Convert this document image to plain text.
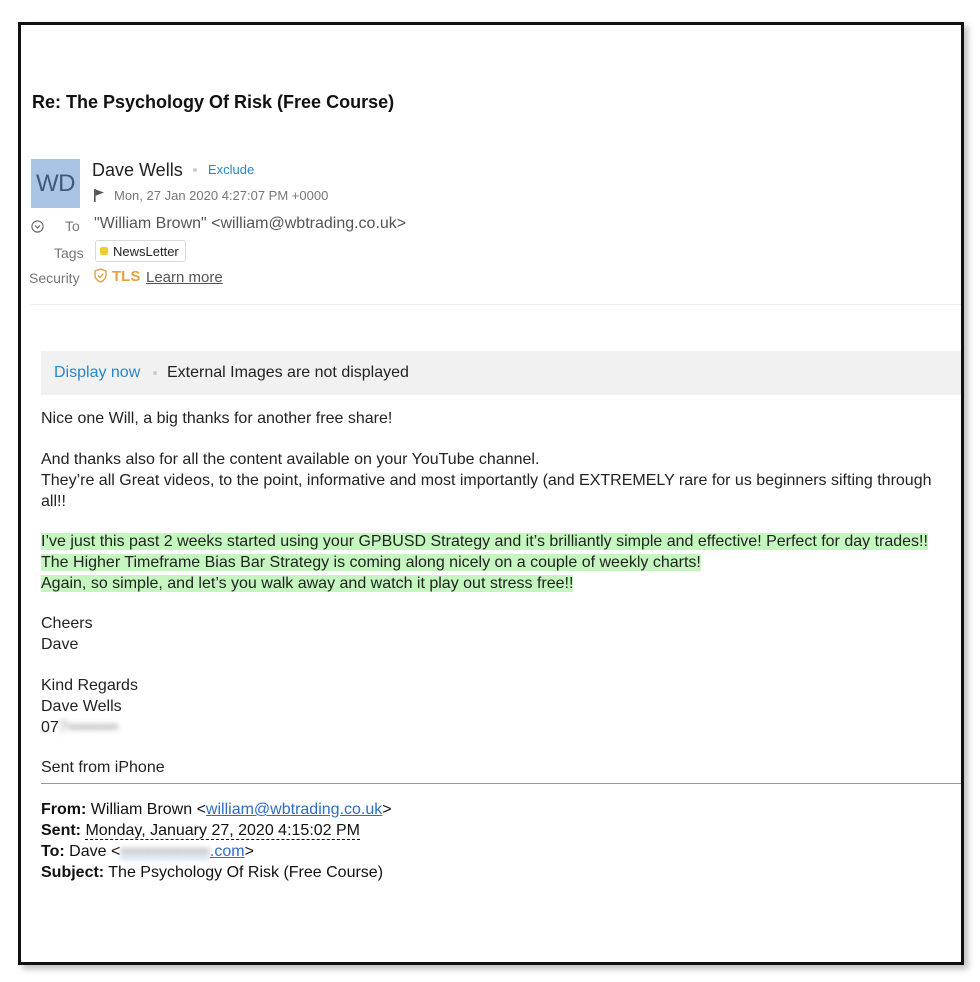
Re: The Psychology Of Risk (Free Course)
WD Dave Wells Exclude
Mon, 27 Jan 2020 4:27:07 PM +0000
To "William Brown" <william@wbtrading.co.uk>
Tags NewsLetter
Security TLS Learn more
Display now External Images are not displayed
Nice one Will, a big thanks for another free share!
And thanks also for all the content available on your YouTube channel.
They’re all Great videos, to the point, informative and most importantly (and EXTREMELY rare for us beginners sifting through
all!!
I’ve just this past 2 weeks started using your GPBUSD Strategy and it’s brilliantly simple and effective! Perfect for day trades!!
The Higher Timeframe Bias Bar Strategy is coming along nicely on a couple of weekly charts!
Again, so simple, and let’s you walk away and watch it play out stress free!!
Cheers
Dave
Kind Regards
Dave Wells
077•••••••••
Sent from iPhone
From: William Brown <william@wbtrading.co.uk>
Sent: Monday, January 27, 2020 4:15:02 PM
To: Dave <••••••••••••••••.com>
Subject: The Psychology Of Risk (Free Course)
